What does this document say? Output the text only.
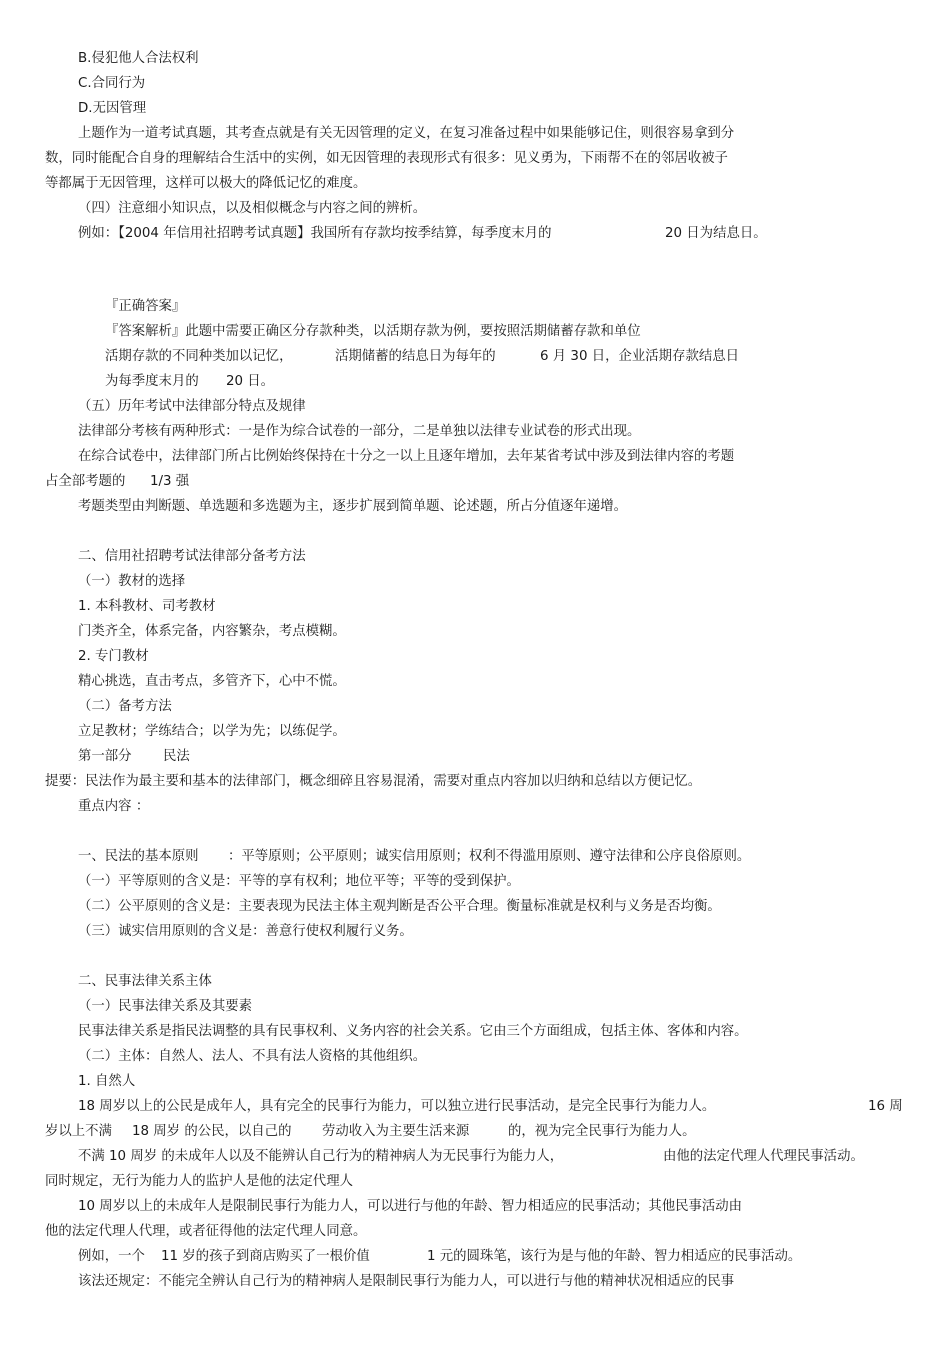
B.侵犯他人合法权利
C.合同行为
D.无因管理
上题作为一道考试真题，其考查点就是有关无因管理的定义，在复习准备过程中如果能够记住，则很容易拿到分
数，同时能配合自身的理解结合生活中的实例，如无因管理的表现形式有很多：见义勇为，下雨帮不在的邻居收被子
等都属于无因管理，这样可以极大的降低记忆的难度。
（四）注意细小知识点，以及相似概念与内容之间的辨析。
例如：【2004 年信用社招聘考试真题】我国所有存款均按季结算，每季度末月的	20 日为结息日。
『正确答案』
『答案解析』此题中需要正确区分存款种类，以活期存款为例，要按照活期储蓄存款和单位
活期存款的不同种类加以记忆，	活期储蓄的结息日为每年的	6 月 30 日，企业活期存款结息日
为每季度末月的 20 日。
（五）历年考试中法律部分特点及规律
法律部分考核有两种形式：一是作为综合试卷的一部分，二是单独以法律专业试卷的形式出现。
在综合试卷中，法律部门所占比例始终保持在十分之一以上且逐年增加，去年某省考试中涉及到法律内容的考题
占全部考题的 1/3 强
考题类型由判断题、单选题和多选题为主，逐步扩展到简单题、论述题，所占分值逐年递增。
二、信用社招聘考试法律部分备考方法
（一）教材的选择
1. 本科教材、司考教材
门类齐全，体系完备，内容繁杂，考点模糊。
2. 专门教材
精心挑选，直击考点，多管齐下，心中不慌。
（二）备考方法
立足教材；学练结合；以学为先；以练促学。
第一部分 民法
提要：民法作为最主要和基本的法律部门，概念细碎且容易混淆，需要对重点内容加以归纳和总结以方便记忆。
重点内容 ：
一、民法的基本原则 ：平等原则；公平原则；诚实信用原则；权利不得滥用原则、遵守法律和公序良俗原则。
（一）平等原则的含义是：平等的享有权利；地位平等；平等的受到保护。
（二）公平原则的含义是：主要表现为民法主体主观判断是否公平合理。衡量标准就是权利与义务是否均衡。
（三）诚实信用原则的含义是：善意行使权利履行义务。
二、民事法律关系主体
（一）民事法律关系及其要素
民事法律关系是指民法调整的具有民事权利、义务内容的社会关系。它由三个方面组成，包括主体、客体和内容。
（二）主体：自然人、法人、不具有法人资格的其他组织。
1. 自然人
18 周岁以上的公民是成年人，具有完全的民事行为能力，可以独立进行民事活动，是完全民事行为能力人。	16 周
岁以上不满 18 周岁 的公民，以自己的 劳动收入为主要生活来源	的，视为完全民事行为能力人。
不满 10 周岁 的未成年人以及不能辨认自己行为的精神病人为无民事行为能力人，	由他的法定代理人代理民事活动。
同时规定，无行为能力人的监护人是他的法定代理人
10 周岁以上的未成年人是限制民事行为能力人，可以进行与他的年龄、智力相适应的民事活动；其他民事活动由
他的法定代理人代理，或者征得他的法定代理人同意。
例如，一个 11 岁的孩子到商店购买了一根价值	1 元的圆珠笔，该行为是与他的年龄、智力相适应的民事活动。
该法还规定：不能完全辨认自己行为的精神病人是限制民事行为能力人，可以进行与他的精神状况相适应的民事
